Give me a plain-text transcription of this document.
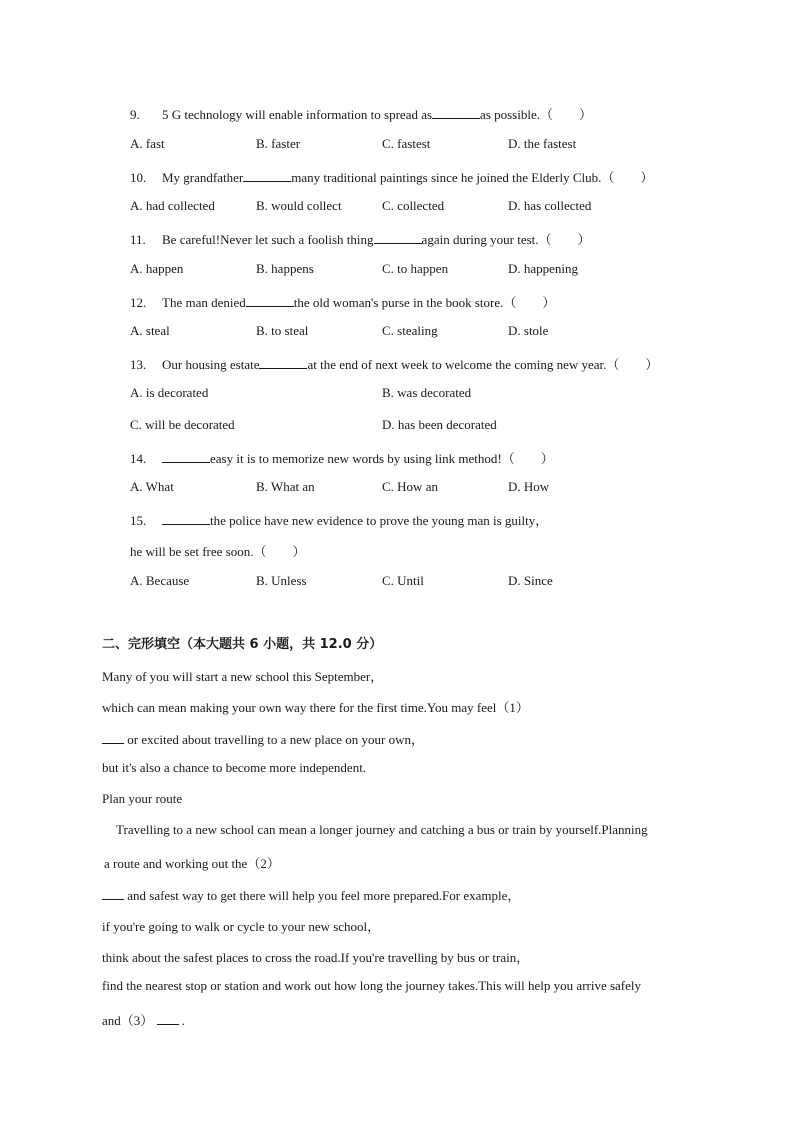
9. 5 G technology will enable information to spread as	as possible.（　　）
A. fast	B. faster	C. fastest	D. the fastest
10. My grandfather	many traditional paintings since he joined the Elderly Club.（　　）
A. had collected	B. would collect	C. collected	D. has collected
11. Be careful!Never let such a foolish thing	again during your test.（　　）
A. happen	B. happens	C. to happen	D. happening
12. The man denied	the old woman's purse in the book store.（　　）
A. steal	B. to steal	C. stealing	D. stole
13. Our housing estate	at the end of next week to welcome the coming new year.（　　）
A. is decorated	B. was decorated
C. will be decorated	D. has been decorated
14.	easy it is to memorize new words by using link method!（　　）
A. What	B. What an	C. How an	D. How
15.	the police have new evidence to prove the young man is guilty，
he will be set free soon.（　　）
A. Because	B. Unless	C. Until	D. Since
二、完形填空（本大题共 6 小题，共 12.0 分）
Many of you will start a new school this September，
which can mean making your own way there for the first time.You may feel（1）
or excited about travelling to a new place on your own，
but it's also a chance to become more independent.
Plan your route
Travelling to a new school can mean a longer journey and catching a bus or train by yourself.Planning
a route and working out the（2）
and safest way to get there will help you feel more prepared.For example，
if you're going to walk or cycle to your new school，
think about the safest places to cross the road.If you're travelling by bus or train，
find the nearest stop or station and work out how long the journey takes.This will help you arrive safely
and（3） .
